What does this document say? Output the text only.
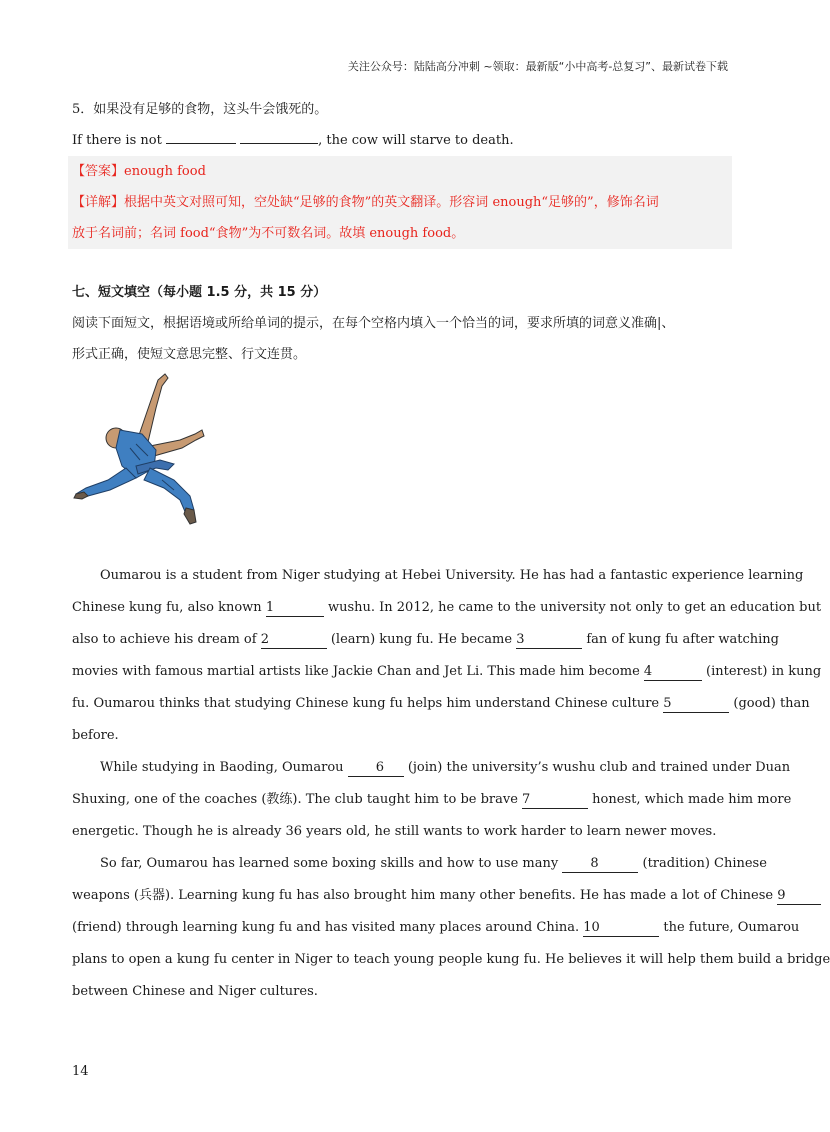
关注公众号：陆陆高分冲刺 ~领取：最新版“小中高考-总复习”、最新试卷下载
5．如果没有足够的食物，这头牛会饿死的。
If there is not	, the cow will starve to death.
【答案】enough food
【详解】根据中英文对照可知，空处缺“足够的食物”的英文翻译。形容词 enough“足够的”，修饰名词
放于名词前；名词 food“食物”为不可数名词。故填 enough food。
七、短文填空（每小题 1.5 分，共 15 分）
阅读下面短文，根据语境或所给单词的提示，在每个空格内填入一个恰当的词，要求所填的词意义准确|、
形式正确，使短文意思完整、行文连贯。
Oumarou is a student from Niger studying at Hebei University. He has had a fantastic experience learning
Chinese kung fu, also known 1	wushu. In 2012, he came to the university not only to get an education but
also to achieve his dream of 2	(learn) kung fu. He became 3	fan of kung fu after watching
movies with famous martial artists like Jackie Chan and Jet Li. This made him become 4	(interest) in kung
fu. Oumarou thinks that studying Chinese kung fu helps him understand Chinese culture 5	(good) than
before.
While studying in Baoding, Oumarou 6 (join) the university’s wushu club and trained under Duan
Shuxing, one of the coaches (教练). The club taught him to be brave 7	honest, which made him more
energetic. Though he is already 36 years old, he still wants to work harder to learn newer moves.
So far, Oumarou has learned some boxing skills and how to use many 8	(tradition) Chinese
weapons (兵器). Learning kung fu has also brought him many other benefits. He has made a lot of Chinese 9
(friend) through learning kung fu and has visited many places around China. 10	the future, Oumarou
plans to open a kung fu center in Niger to teach young people kung fu. He believes it will help them build a bridge
between Chinese and Niger cultures.
14
